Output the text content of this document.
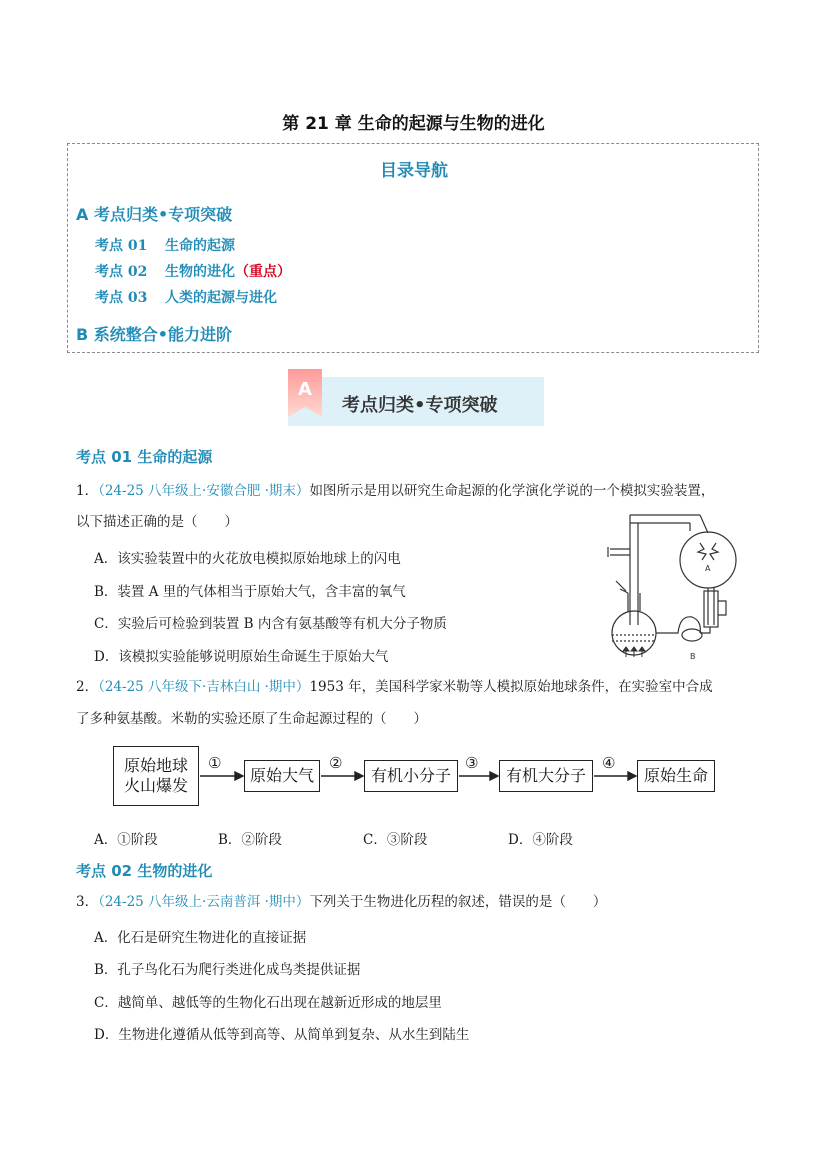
第 21 章 生命的起源与生物的进化
目录导航
A 考点归类•专项突破
考点 01 生命的起源
考点 02 生物的进化（重点）
考点 03 人类的起源与进化
B 系统整合•能力进阶
A
考点归类•专项突破
考点 01 生命的起源
1．（24-25 八年级上·安徽合肥 ·期末）如图所示是用以研究生命起源的化学演化学说的一个模拟实验装置，
以下描述正确的是（　　）
A．该实验装置中的火花放电模拟原始地球上的闪电
B．装置 A 里的气体相当于原始大气，含丰富的氧气
C．实验后可检验到装置 B 内含有氨基酸等有机大分子物质
D．该模拟实验能够说明原始生命诞生于原始大气
A
B
2．（24-25 八年级下·吉林白山 ·期中）1953 年，美国科学家米勒等人模拟原始地球条件，在实验室中合成
了多种氨基酸。米勒的实验还原了生命起源过程的（　　）
原始地球
火山爆发
原始大气	有机小分子	有机大分子	原始生命
①	②	③	④
A．①阶段	B．②阶段	C．③阶段	D．④阶段
考点 02 生物的进化
3．（24-25 八年级上·云南普洱 ·期中）下列关于生物进化历程的叙述，错误的是（　　）
A．化石是研究生物进化的直接证据
B．孔子鸟化石为爬行类进化成鸟类提供证据
C．越简单、越低等的生物化石出现在越新近形成的地层里
D．生物进化遵循从低等到高等、从简单到复杂、从水生到陆生
